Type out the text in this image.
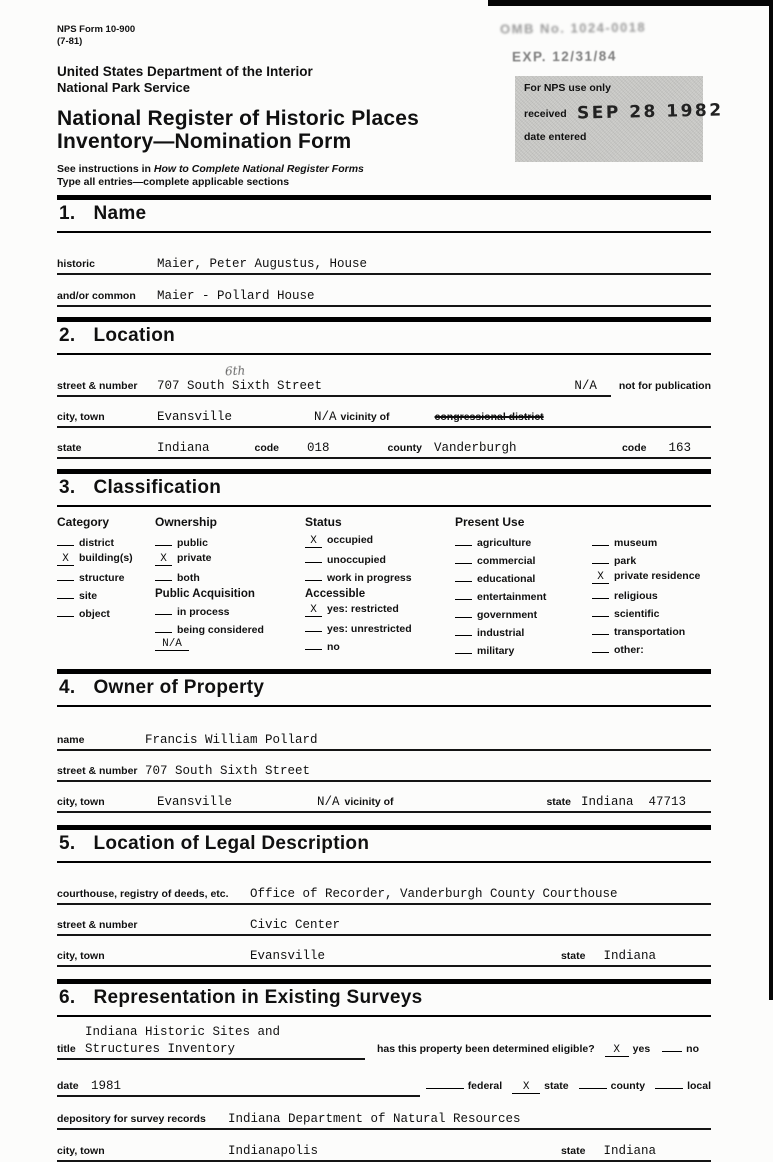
NPS Form 10-900
(7-81)
OMB No. 1024-0018
EXP. 12/31/84
For NPS use only
received SEP 28 1982
date entered
United States Department of the Interior
National Park Service
National Register of Historic Places
Inventory—Nomination Form
See instructions in How to Complete National Register Forms
Type all entries—complete applicable sections
1. Name
historic	Maier, Peter Augustus, House
and/or common	Maier - Pollard House
2. Location
6th
street & number	707 South Sixth Street	N/A not for publication
city, town	Evansville	N/A vicinity of	congressional district
state	Indiana	code 018	county Vanderburgh	code 163
3. Classification
Category
district
X building(s)
structure
site
object
Ownership
public
X private
both
Public Acquisition
in process
being considered
N/A
Status
X occupied
unoccupied
work in progress
Accessible
X yes: restricted
yes: unrestricted
no
Present Use
agriculture
commercial
educational
entertainment
government
industrial
military

museum
park
X private residence
religious
scientific
transportation
other:
4. Owner of Property
name	Francis William Pollard
street & number 707 South Sixth Street
city, town	Evansville	N/A vicinity of	state Indiana  47713
5. Location of Legal Description
courthouse, registry of deeds, etc.	Office of Recorder, Vanderburgh County Courthouse
street & number	Civic Center
city, town	Evansville	state Indiana
6. Representation in Existing Surveys
Indiana Historic Sites and
title Structures Inventory	has this property been determined eligible?	X	yes	no
date 1981	federal	X	state	county	local
depository for survey records	Indiana Department of Natural Resources
city, town	Indianapolis	state Indiana
